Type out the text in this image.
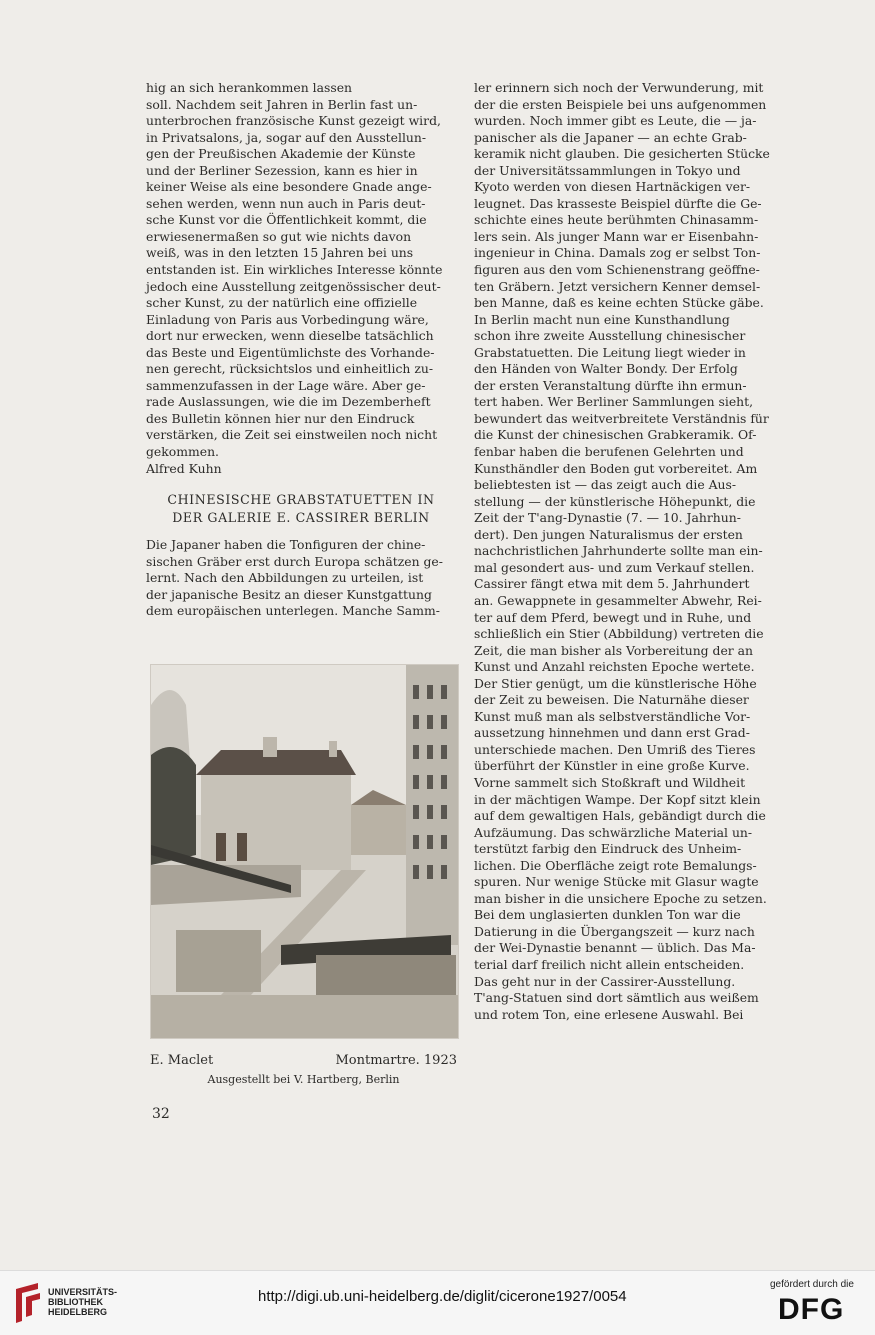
hig an sich herankommen lassen

soll. Nachdem seit Jahren in Berlin fast un-

unterbrochen französische Kunst gezeigt wird,

in Privatsalons, ja, sogar auf den Ausstellun-

gen der Preußischen Akademie der Künste

und der Berliner Sezession, kann es hier in

keiner Weise als eine besondere Gnade ange-

sehen werden, wenn nun auch in Paris deut-

sche Kunst vor die Öffentlichkeit kommt, die

erwiesenermaßen so gut wie nichts davon

weiß, was in den letzten 15 Jahren bei uns

entstanden ist. Ein wirkliches Interesse könnte

jedoch eine Ausstellung zeitgenössischer deut-

scher Kunst, zu der natürlich eine offizielle

Einladung von Paris aus Vorbedingung wäre,

dort nur erwecken, wenn dieselbe tatsächlich

das Beste und Eigentümlichste des Vorhande-

nen gerecht, rücksichtslos und einheitlich zu-

sammenzufassen in der Lage wäre. Aber ge-

rade Auslassungen, wie die im Dezemberheft

des Bulletin können hier nur den Eindruck

verstärken, die Zeit sei einstweilen noch nicht

gekommen.

Alfred Kuhn

CHINESISCHE GRABSTATUETTEN IN
DER GALERIE E. CASSIRER BERLIN

Die Japaner haben die Tonfiguren der chine-

sischen Gräber erst durch Europa schätzen ge-

lernt. Nach den Abbildungen zu urteilen, ist

der japanische Besitz an dieser Kunstgattung

dem europäischen unterlegen. Manche Samm-

ler erinnern sich noch der Verwunderung, mit

der die ersten Beispiele bei uns aufgenommen

wurden. Noch immer gibt es Leute, die — ja-

panischer als die Japaner — an echte Grab-

keramik nicht glauben. Die gesicherten Stücke

der Universitätssammlungen in Tokyo und

Kyoto werden von diesen Hartnäckigen ver-

leugnet. Das krasseste Beispiel dürfte die Ge-

schichte eines heute berühmten Chinasamm-

lers sein. Als junger Mann war er Eisenbahn-

ingenieur in China. Damals zog er selbst Ton-

figuren aus den vom Schienenstrang geöffne-

ten Gräbern. Jetzt versichern Kenner demsel-

ben Manne, daß es keine echten Stücke gäbe.

In Berlin macht nun eine Kunsthandlung

schon ihre zweite Ausstellung chinesischer

Grabstatuetten. Die Leitung liegt wieder in

den Händen von Walter Bondy. Der Erfolg

der ersten Veranstaltung dürfte ihn ermun-

tert haben. Wer Berliner Sammlungen sieht,

bewundert das weitverbreitete Verständnis für

die Kunst der chinesischen Grabkeramik. Of-

fenbar haben die berufenen Gelehrten und

Kunsthändler den Boden gut vorbereitet. Am

beliebtesten ist — das zeigt auch die Aus-

stellung — der künstlerische Höhepunkt, die

Zeit der T'ang-Dynastie (7. — 10. Jahrhun-

dert). Den jungen Naturalismus der ersten

nachchristlichen Jahrhunderte sollte man ein-

mal gesondert aus- und zum Verkauf stellen.

Cassirer fängt etwa mit dem 5. Jahrhundert

an. Gewappnete in gesammelter Abwehr, Rei-

ter auf dem Pferd, bewegt und in Ruhe, und

schließlich ein Stier (Abbildung) vertreten die

Zeit, die man bisher als Vorbereitung der an

Kunst und Anzahl reichsten Epoche wertete.

Der Stier genügt, um die künstlerische Höhe

der Zeit zu beweisen. Die Naturnähe dieser

Kunst muß man als selbstverständliche Vor-

aussetzung hinnehmen und dann erst Grad-

unterschiede machen. Den Umriß des Tieres

überführt der Künstler in eine große Kurve.

Vorne sammelt sich Stoßkraft und Wildheit

in der mächtigen Wampe. Der Kopf sitzt klein

auf dem gewaltigen Hals, gebändigt durch die

Aufzäumung. Das schwärzliche Material un-

terstützt farbig den Eindruck des Unheim-

lichen. Die Oberfläche zeigt rote Bemalungs-

spuren. Nur wenige Stücke mit Glasur wagte

man bisher in die unsichere Epoche zu setzen.

Bei dem unglasierten dunklen Ton war die

Datierung in die Übergangszeit — kurz nach

der Wei-Dynastie benannt — üblich. Das Ma-

terial darf freilich nicht allein entscheiden.

Das geht nur in der Cassirer-Ausstellung.

T'ang-Statuen sind dort sämtlich aus weißem

und rotem Ton, eine erlesene Auswahl. Bei

E. Maclet	Montmartre. 1923
Ausgestellt bei V. Hartberg, Berlin
32
UNIVERSITÄTS-
BIBLIOTHEK
HEIDELBERG
http://digi.ub.uni-heidelberg.de/diglit/cicerone1927/0054
gefördert durch die
DFG
